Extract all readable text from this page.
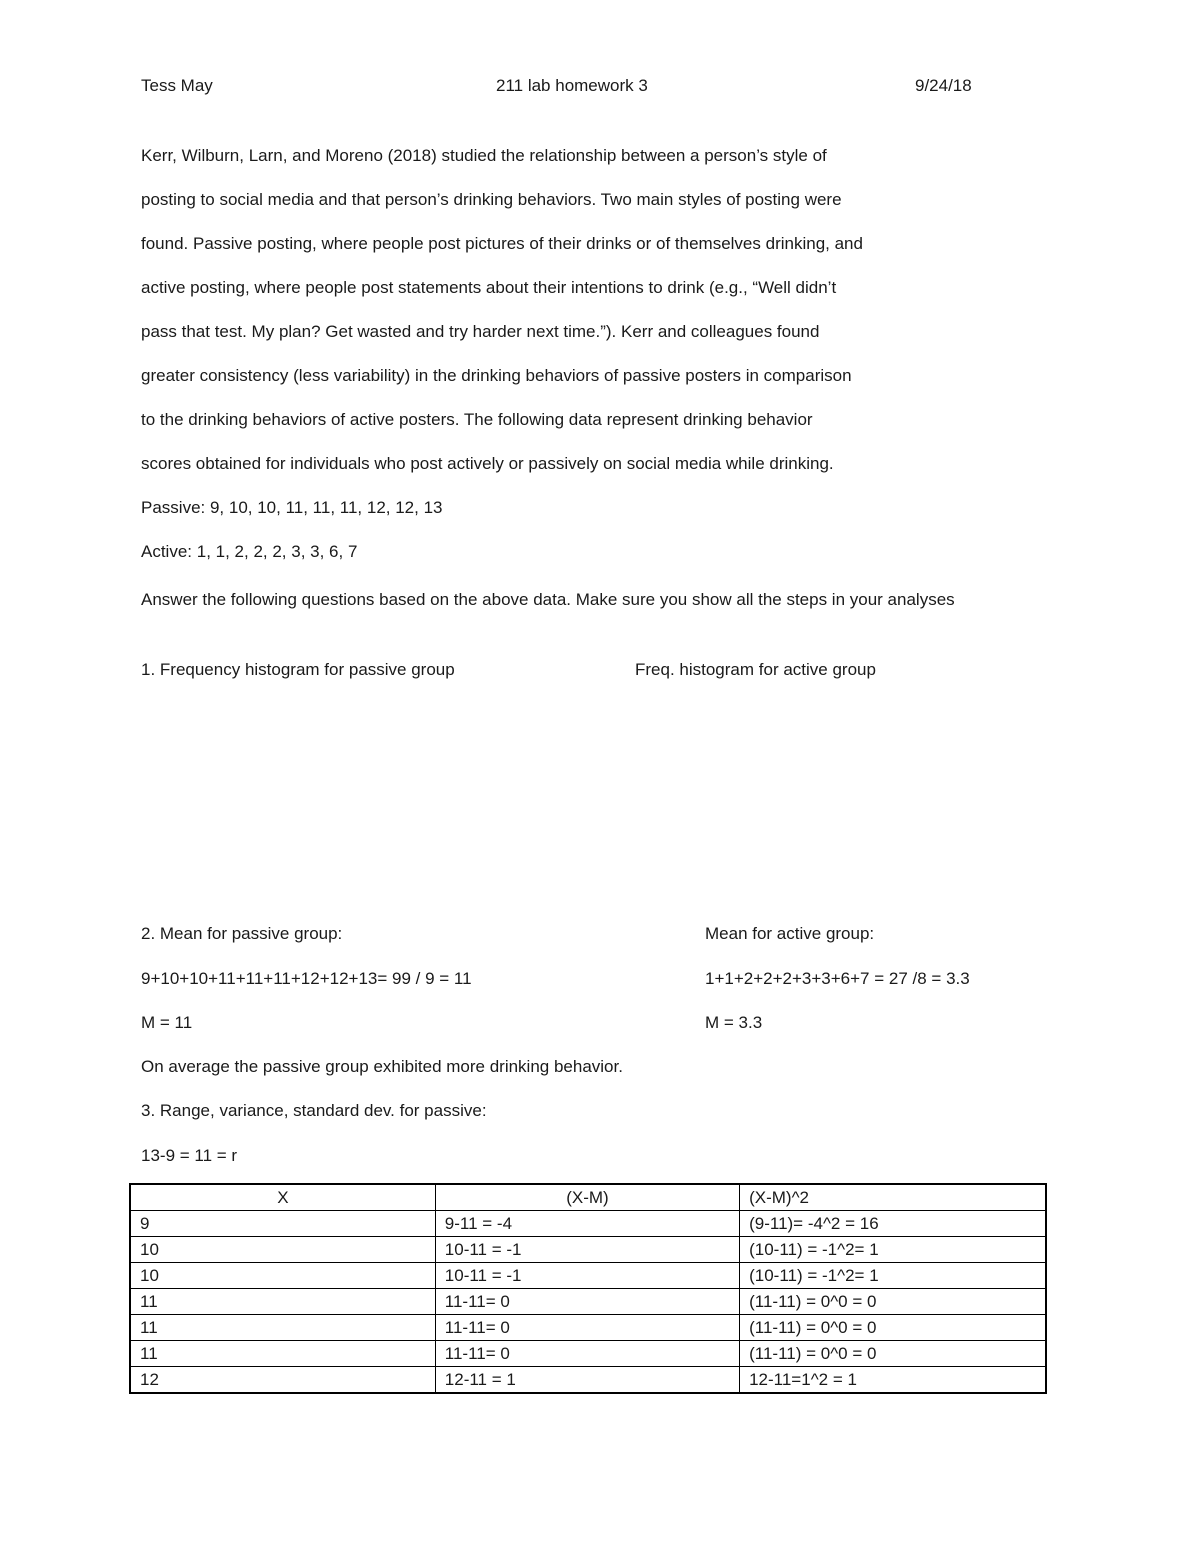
Tess May	211 lab homework 3	9/24/18
Kerr, Wilburn, Larn, and Moreno (2018) studied the relationship between a person’s style of
posting to social media and that person’s drinking behaviors. Two main styles of posting were
found. Passive posting, where people post pictures of their drinks or of themselves drinking, and
active posting, where people post statements about their intentions to drink (e.g., “Well didn’t
pass that test. My plan? Get wasted and try harder next time.”). Kerr and colleagues found
greater consistency (less variability) in the drinking behaviors of passive posters in comparison
to the drinking behaviors of active posters. The following data represent drinking behavior
scores obtained for individuals who post actively or passively on social media while drinking.
Passive: 9, 10, 10, 11, 11, 11, 12, 12, 13
Active: 1, 1, 2, 2, 2, 3, 3, 6, 7
Answer the following questions based on the above data. Make sure you show all the steps in your analyses
1. Frequency histogram for passive group	Freq. histogram for active group
2. Mean for passive group:	Mean for active group:
9+10+10+11+11+11+12+12+13= 99 / 9 = 11	1+1+2+2+2+3+3+6+7 = 27 /8 = 3.3
M = 11	M = 3.3
On average the passive group exhibited more drinking behavior.
3. Range, variance, standard dev. for passive:
13-9 = 11 = r
X	(X-M)	(X-M)^2
9	9-11 = -4	(9-11)= -4^2 = 16
10	10-11 = -1	(10-11) = -1^2= 1
10	10-11 = -1	(10-11) = -1^2= 1
11	11-11= 0	(11-11) = 0^0 = 0
11	11-11= 0	(11-11) = 0^0 = 0
11	11-11= 0	(11-11) = 0^0 = 0
12	12-11 = 1	12-11=1^2 = 1
